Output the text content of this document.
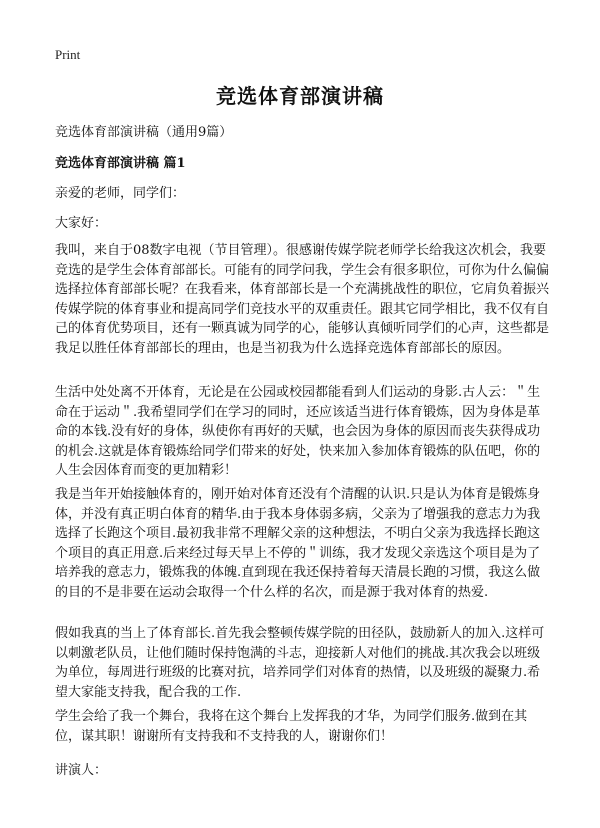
Print
竞选体育部演讲稿

竞选体育部演讲稿（通用9篇）

竞选体育部演讲稿 篇1

亲爱的老师，同学们：

大家好：

我叫，来自于08数字电视（节目管理）。很感谢传媒学院老师学长给我这次机会，我要竞选的是学生会体育部部长。可能有的同学问我，学生会有很多职位，可你为什么偏偏选择拉体育部部长呢？在我看来，体育部部长是一个充满挑战性的职位，它肩负着振兴传媒学院的体育事业和提高同学们竞技水平的双重责任。跟其它同学相比，我不仅有自己的体育优势项目，还有一颗真诚为同学的心，能够认真倾听同学们的心声，这些都是我足以胜任体育部部长的理由，也是当初我为什么选择竞选体育部部长的原因。

生活中处处离不开体育，无论是在公园或校园都能看到人们运动的身影.古人云：＂生命在于运动＂.我希望同学们在学习的同时，还应该适当进行体育锻炼，因为身体是革命的本钱.没有好的身体，纵使你有再好的天赋，也会因为身体的原因而丧失获得成功的机会.这就是体育锻炼给同学们带来的好处，快来加入参加体育锻炼的队伍吧，你的人生会因体育而变的更加精彩！

我是当年开始接触体育的，刚开始对体育还没有个清醒的认识.只是认为体育是锻炼身体，并没有真正明白体育的精华.由于我本身体弱多病，父亲为了增强我的意志力为我选择了长跑这个项目.最初我非常不理解父亲的这种想法，不明白父亲为我选择长跑这个项目的真正用意.后来经过每天早上不停的＂训练，我才发现父亲选这个项目是为了培养我的意志力，锻炼我的体魄.直到现在我还保持着每天清晨长跑的习惯，我这么做的目的不是非要在运动会取得一个什么样的名次，而是源于我对体育的热爱.

假如我真的当上了体育部长.首先我会整顿传媒学院的田径队，鼓励新人的加入.这样可以刺激老队员，让他们随时保持饱满的斗志，迎接新人对他们的挑战.其次我会以班级为单位，每周进行班级的比赛对抗，培养同学们对体育的热情，以及班级的凝聚力.希望大家能支持我，配合我的工作.

学生会给了我一个舞台，我将在这个舞台上发挥我的才华，为同学们服务.做到在其位，谋其职！谢谢所有支持我和不支持我的人，谢谢你们！

讲演人：
